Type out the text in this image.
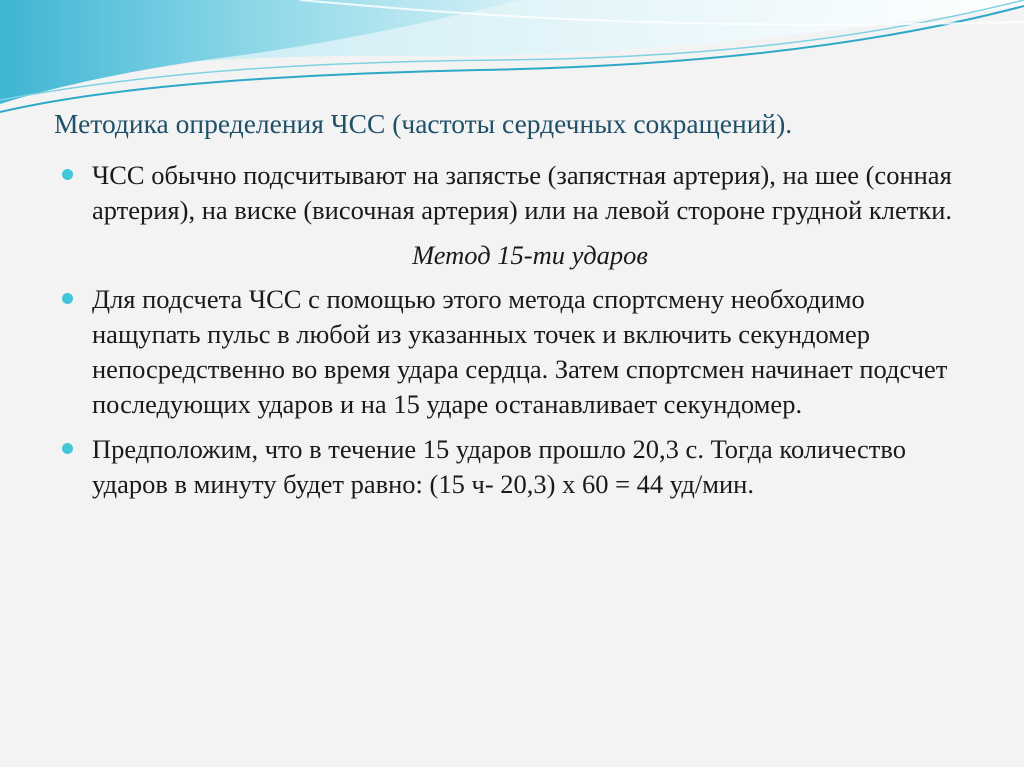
Методика определения ЧСС (частоты сердечных сокращений).
ЧСС обычно подсчитывают на запястье (запястная артерия), на шее (сонная артерия), на виске (височная артерия) или на левой стороне грудной клетки.
Метод 15-ти ударов
Для подсчета ЧСС с помощью этого метода спортсмену необходимо нащупать пульс в любой из указанных точек и включить секундомер непосредственно во время удара сердца. Затем спортсмен начинает подсчет последующих ударов и на 15 ударе останавливает секундомер.
Предположим, что в течение 15 ударов прошло 20,3 с. Тогда количество ударов в минуту будет равно: (15 ч- 20,3) х 60 = 44 уд/мин.
